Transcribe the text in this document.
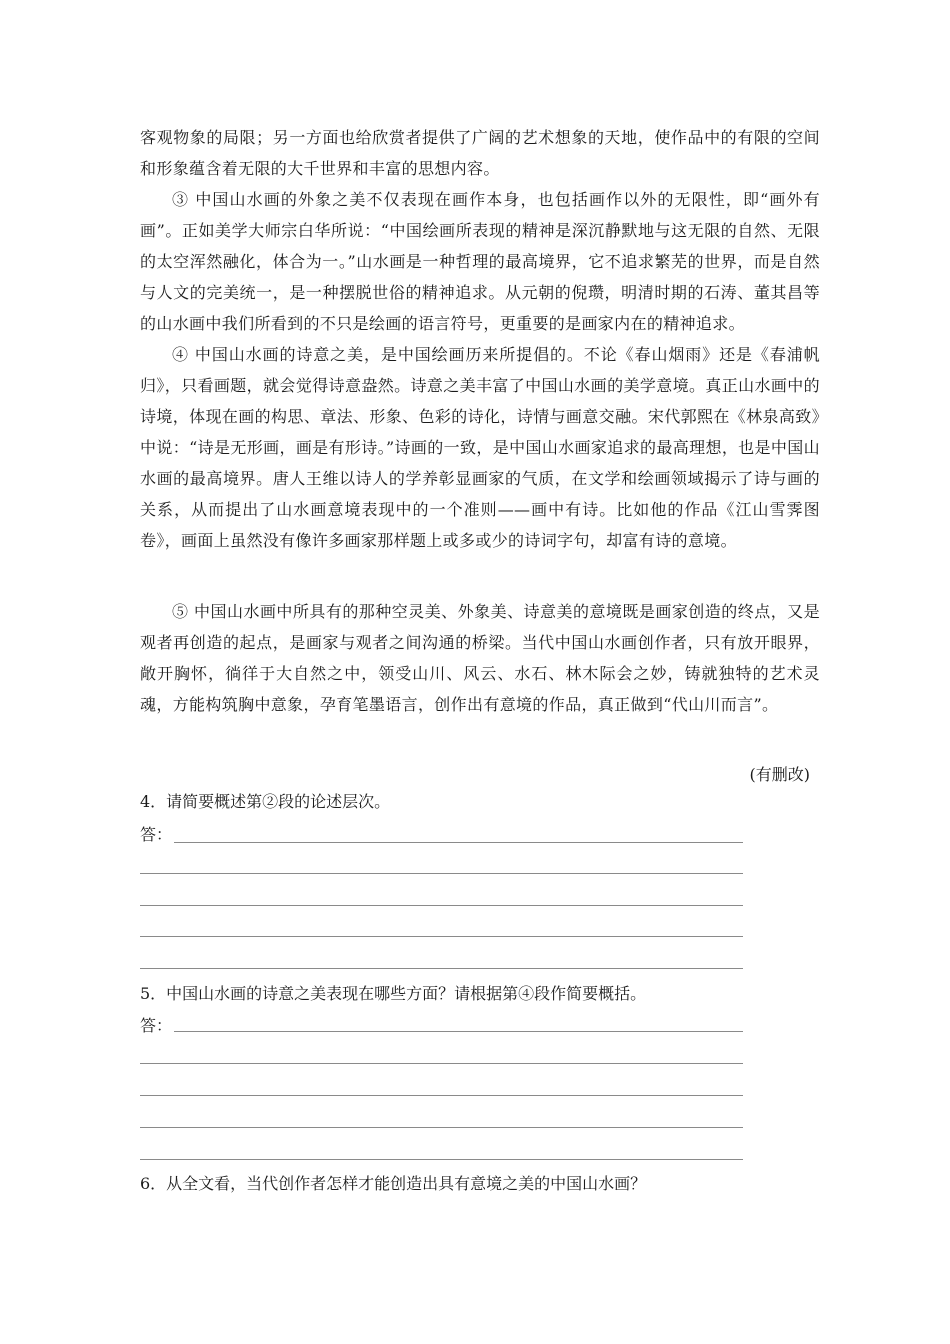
客观物象的局限；另一方面也给欣赏者提供了广阔的艺术想象的天地，使作品中的有限的空间和形象蕴含着无限的大千世界和丰富的思想内容。

③ 中国山水画的外象之美不仅表现在画作本身，也包括画作以外的无限性，即“画外有画”。正如美学大师宗白华所说：“中国绘画所表现的精神是深沉静默地与这无限的自然、无限的太空浑然融化，体合为一。”山水画是一种哲理的最高境界，它不追求繁芜的世界，而是自然与人文的完美统一，是一种摆脱世俗的精神追求。从元朝的倪瓒，明清时期的石涛、董其昌等的山水画中我们所看到的不只是绘画的语言符号，更重要的是画家内在的精神追求。

④ 中国山水画的诗意之美，是中国绘画历来所提倡的。不论《春山烟雨》还是《春浦帆归》，只看画题，就会觉得诗意盎然。诗意之美丰富了中国山水画的美学意境。真正山水画中的诗境，体现在画的构思、章法、形象、色彩的诗化，诗情与画意交融。宋代郭熙在《林泉高致》中说：“诗是无形画，画是有形诗。”诗画的一致，是中国山水画家追求的最高理想，也是中国山水画的最高境界。唐人王维以诗人的学养彰显画家的气质，在文学和绘画领域揭示了诗与画的关系，从而提出了山水画意境表现中的一个准则——画中有诗。比如他的作品《江山雪霁图卷》，画面上虽然没有像许多画家那样题上或多或少的诗词字句，却富有诗的意境。

⑤ 中国山水画中所具有的那种空灵美、外象美、诗意美的意境既是画家创造的终点，又是观者再创造的起点，是画家与观者之间沟通的桥梁。当代中国山水画创作者，只有放开眼界，敞开胸怀，徜徉于大自然之中，领受山川、风云、水石、林木际会之妙，铸就独特的艺术灵魂，方能构筑胸中意象，孕育笔墨语言，创作出有意境的作品，真正做到“代山川而言”。

(有删改)
4．请简要概述第②段的论述层次。
答：
5．中国山水画的诗意之美表现在哪些方面？请根据第④段作简要概括。
答：
6．从全文看，当代创作者怎样才能创造出具有意境之美的中国山水画？
